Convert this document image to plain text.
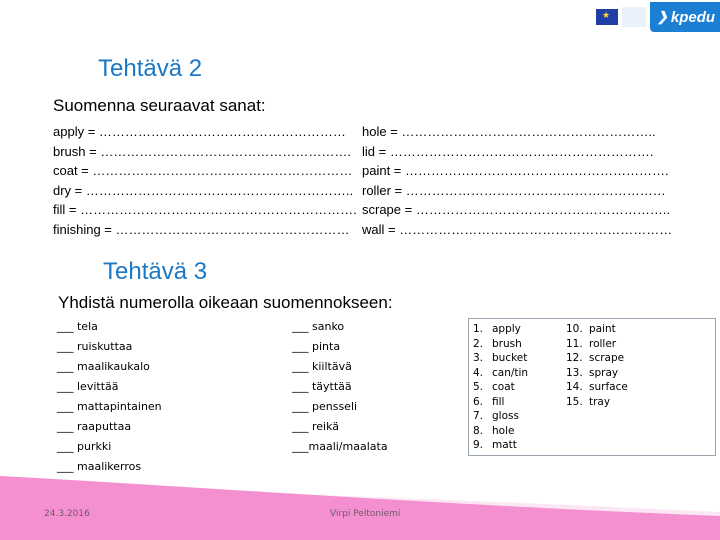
★
❯ kpedu
Tehtävä 2
Suomenna seuraavat sanat:
apply = …………………………………………………	hole = …………………………………………………..
brush = …………………………………………………. lid = …………………………………………………….
coat = …………………………………………………… paint = …………………………………………………….
dry = …………………………………………………….. roller = ……………………………………………………
fill = ………………………………………………………. scrape = …………………………………………………..
finishing = ……………………………………………… wall = ………………………………………………………
Tehtävä 3
Yhdistä numerolla oikeaan suomennokseen:
___ tela
___ ruiskuttaa
___ maalikaukalo
___ levittää
___ mattapintainen
___ raaputtaa
___ purkki
___ maalikerros
___ sanko
___ pinta
___ kiiltävä
___ täyttää
___ pensseli
___ reikä
___maali/maalata
1. apply
2. brush
3. bucket
4. can/tin
5. coat
6. fill
7. gloss
8. hole
9. matt
10. paint
11. roller
12. scrape
13. spray
14. surface
15. tray
24.3.2016	Virpi Peltoniemi
